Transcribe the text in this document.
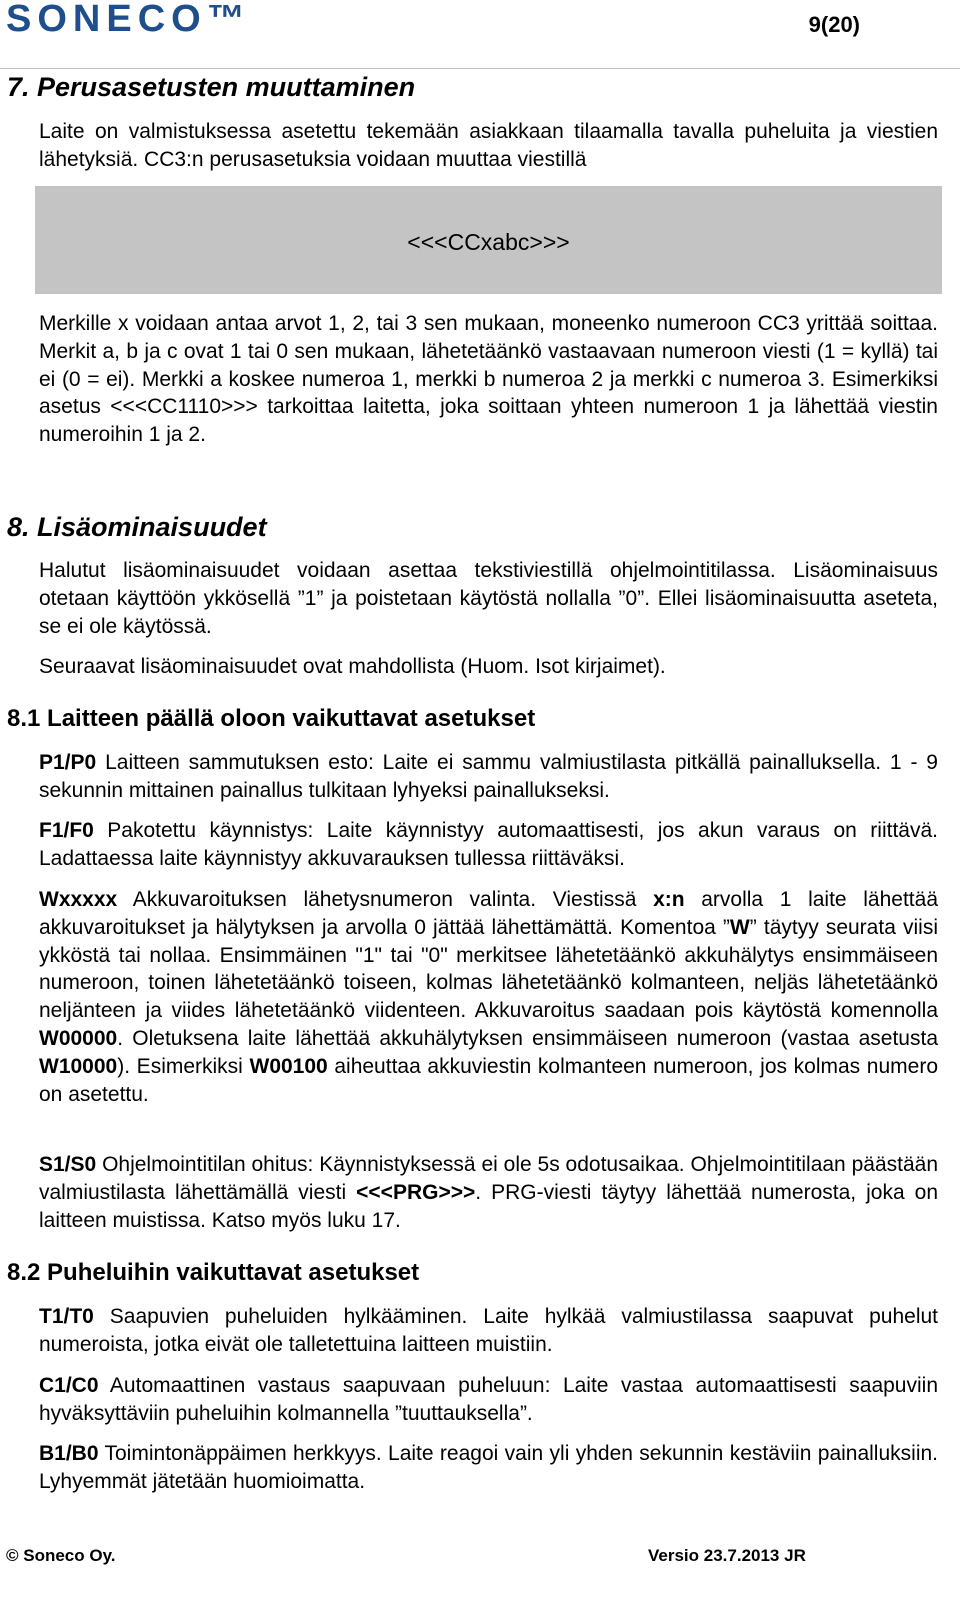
SONECO™	9(20)
7. Perusasetusten muuttaminen

Laite on valmistuksessa asetettu tekemään asiakkaan tilaamalla tavalla puheluita ja viestien lähetyksiä. CC3:n perusasetuksia voidaan muuttaa viestillä

<<<CCxabc>>>

Merkille x voidaan antaa arvot 1, 2, tai 3 sen mukaan, moneenko numeroon CC3 yrittää soittaa. Merkit a, b ja c ovat 1 tai 0 sen mukaan, lähetetäänkö vastaavaan numeroon viesti (1 = kyllä) tai ei (0 = ei). Merkki a koskee numeroa 1, merkki b numeroa 2 ja merkki c numeroa 3. Esimerkiksi asetus <<<CC1110>>> tarkoittaa laitetta, joka soittaan yhteen numeroon 1 ja lähettää viestin numeroihin 1 ja 2.

8. Lisäominaisuudet

Halutut lisäominaisuudet voidaan asettaa tekstiviestillä ohjelmointitilassa. Lisäominaisuus otetaan käyttöön ykkösellä ”1” ja poistetaan käytöstä nollalla ”0”. Ellei lisäominaisuutta aseteta, se ei ole käytössä.

Seuraavat lisäominaisuudet ovat mahdollista (Huom. Isot kirjaimet).

8.1 Laitteen päällä oloon vaikuttavat asetukset

P1/P0 Laitteen sammutuksen esto: Laite ei sammu valmiustilasta pitkällä painalluksella. 1 - 9 sekunnin mittainen painallus tulkitaan lyhyeksi painallukseksi.

F1/F0 Pakotettu käynnistys: Laite käynnistyy automaattisesti, jos akun varaus on riittävä. Ladattaessa laite käynnistyy akkuvarauksen tullessa riittäväksi.

Wxxxxx Akkuvaroituksen lähetysnumeron valinta. Viestissä x:n arvolla 1 laite lähettää akkuvaroitukset ja hälytyksen ja arvolla 0 jättää lähettämättä. Komentoa ”W” täytyy seurata viisi ykköstä tai nollaa. Ensimmäinen "1" tai "0" merkitsee lähetetäänkö akkuhälytys ensimmäiseen numeroon, toinen lähetetäänkö toiseen, kolmas lähetetäänkö kolmanteen, neljäs lähetetäänkö neljänteen ja viides lähetetäänkö viidenteen. Akkuvaroitus saadaan pois käytöstä komennolla W00000. Oletuksena laite lähettää akkuhälytyksen ensimmäiseen numeroon (vastaa asetusta W10000). Esimerkiksi W00100 aiheuttaa akkuviestin kolmanteen numeroon, jos kolmas numero on asetettu.

S1/S0 Ohjelmointitilan ohitus: Käynnistyksessä ei ole 5s odotusaikaa. Ohjelmointitilaan päästään valmiustilasta lähettämällä viesti <<<PRG>>>. PRG-viesti täytyy lähettää numerosta, joka on laitteen muistissa. Katso myös luku 17.

8.2 Puheluihin vaikuttavat asetukset

T1/T0 Saapuvien puheluiden hylkääminen. Laite hylkää valmiustilassa saapuvat puhelut numeroista, jotka eivät ole talletettuina laitteen muistiin.

C1/C0 Automaattinen vastaus saapuvaan puheluun: Laite vastaa automaattisesti saapuviin hyväksyttäviin puheluihin kolmannella ”tuuttauksella”.

B1/B0 Toimintonäppäimen herkkyys. Laite reagoi vain yli yhden sekunnin kestäviin painalluksiin. Lyhyemmät jätetään huomioimatta.

© Soneco Oy.	Versio 23.7.2013 JR
